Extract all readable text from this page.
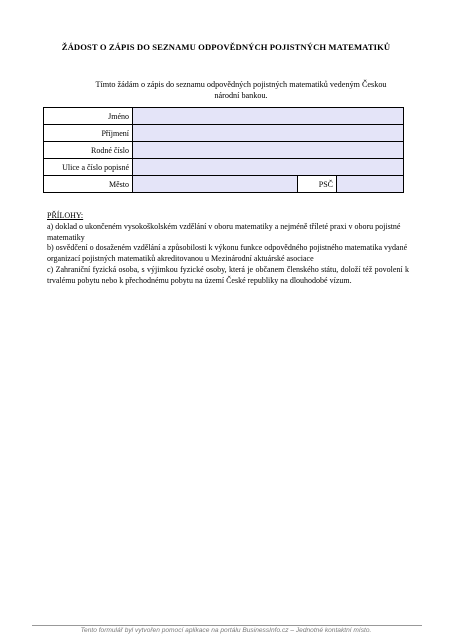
ŽÁDOST O ZÁPIS DO SEZNAMU ODPOVĚDNÝCH POJISTNÝCH MATEMATIKŮ
Tímto žádám o zápis do seznamu odpovědných pojistných matematiků vedeným Českou
národní bankou.
Jméno			
Příjmení			
Rodné číslo			
Ulice a číslo popisné			
Město		PSČ	

PŘÍLOHY:

a) doklad o ukončeném vysokoškolském vzdělání v oboru matematiky a nejméně tříleté praxi v oboru pojistné matematiky

b) osvědčení o dosaženém vzdělání a způsobilosti k výkonu funkce odpovědného pojistného matematika vydané organizací pojistných matematiků akreditovanou u Mezinárodní aktuárské asociace

c) Zahraniční fyzická osoba, s výjimkou fyzické osoby, která je občanem členského státu, doloží též povolení k trvalému pobytu nebo k přechodnému pobytu na území České republiky na dlouhodobé vízum.

Tento formulář byl vytvořen pomocí aplikace na portálu BusinessInfo.cz – Jednotné kontaktní místo.
